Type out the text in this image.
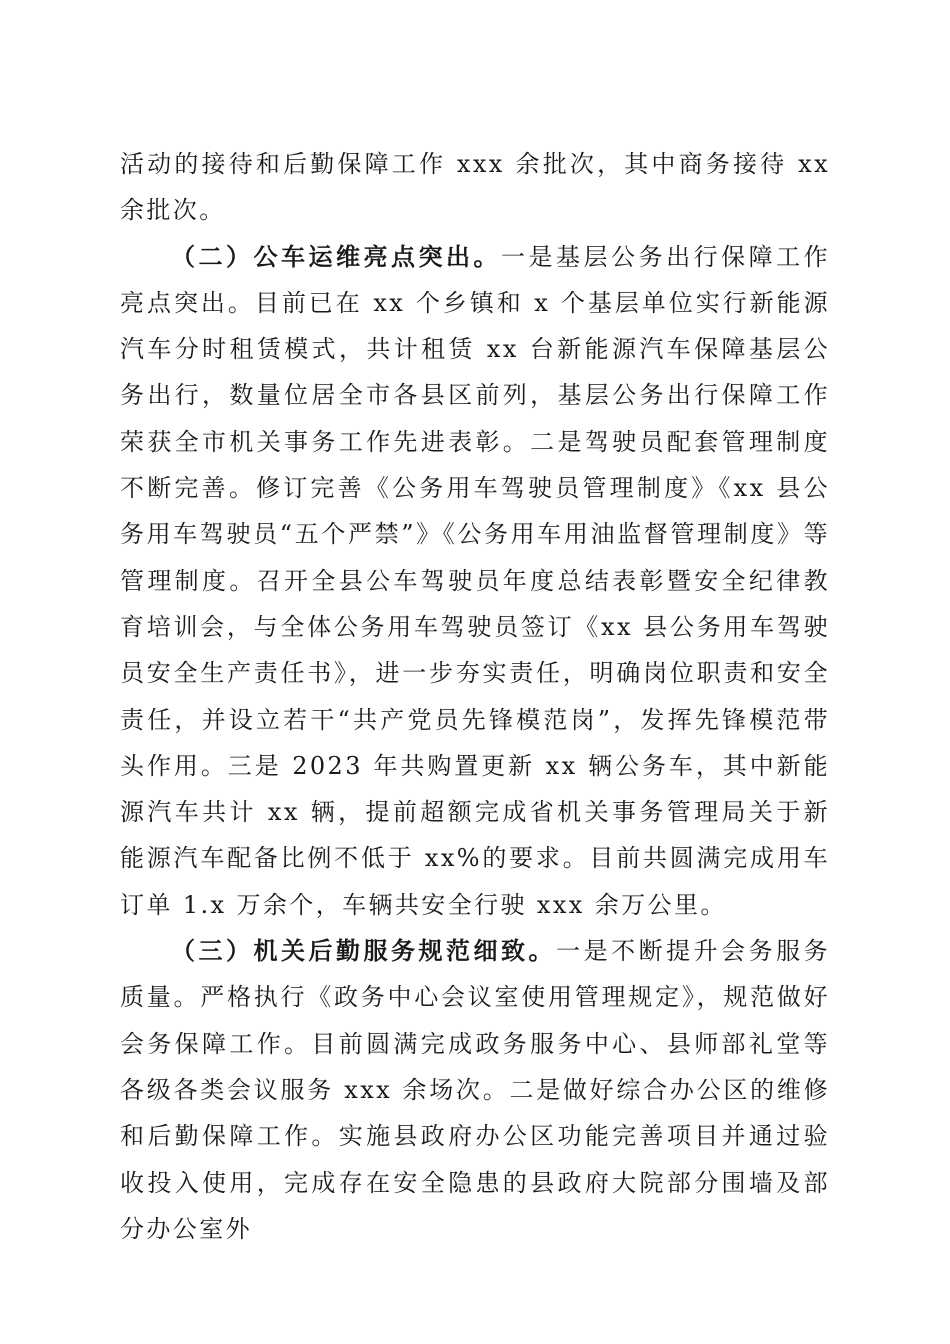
活动的接待和后勤保障工作 xxx 余批次，其中商务接待 xx 余批次。

（二）公车运维亮点突出。一是基层公务出行保障工作亮点突出。目前已在 xx 个乡镇和 x 个基层单位实行新能源汽车分时租赁模式，共计租赁 xx 台新能源汽车保障基层公务出行，数量位居全市各县区前列，基层公务出行保障工作荣获全市机关事务工作先进表彰。二是驾驶员配套管理制度不断完善。修订完善《公务用车驾驶员管理制度》《xx 县公务用车驾驶员“五个严禁”》《公务用车用油监督管理制度》等管理制度。召开全县公车驾驶员年度总结表彰暨安全纪律教育培训会，与全体公务用车驾驶员签订《xx 县公务用车驾驶员安全生产责任书》，进一步夯实责任，明确岗位职责和安全责任，并设立若干“共产党员先锋模范岗”，发挥先锋模范带头作用。三是 2023 年共购置更新 xx 辆公务车，其中新能源汽车共计 xx 辆，提前超额完成省机关事务管理局关于新能源汽车配备比例不低于 xx%的要求。目前共圆满完成用车订单 1.x 万余个，车辆共安全行驶 xxx 余万公里。

（三）机关后勤服务规范细致。一是不断提升会务服务质量。严格执行《政务中心会议室使用管理规定》，规范做好会务保障工作。目前圆满完成政务服务中心、县师部礼堂等各级各类会议服务 xxx 余场次。二是做好综合办公区的维修和后勤保障工作。实施县政府办公区功能完善项目并通过验收投入使用，完成存在安全隐患的县政府大院部分围墙及部分办公室外
